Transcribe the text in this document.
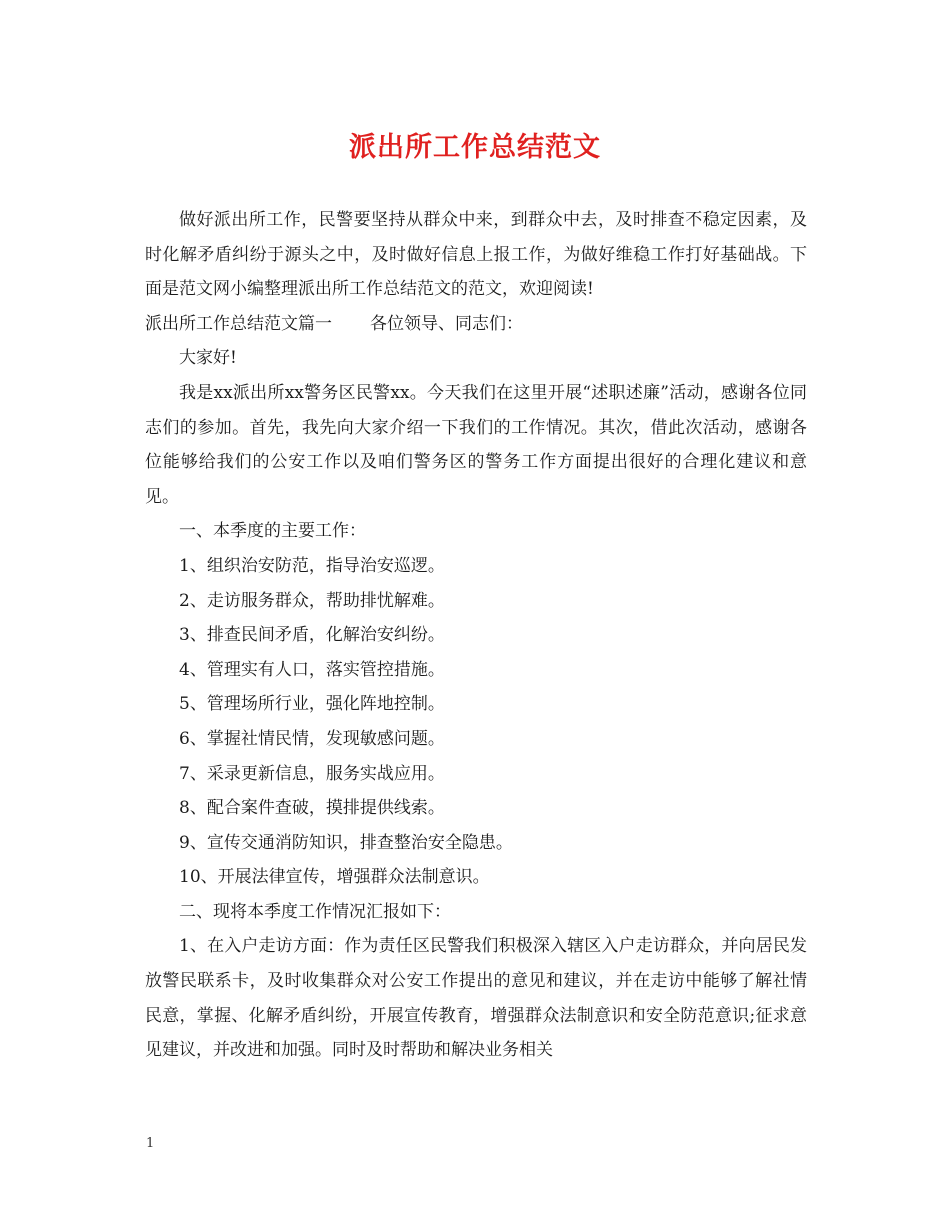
派出所工作总结范文

做好派出所工作，民警要坚持从群众中来，到群众中去，及时排查不稳定因素，及时化解矛盾纠纷于源头之中，及时做好信息上报工作，为做好维稳工作打好基础战。下面是范文网小编整理派出所工作总结范文的范文，欢迎阅读!

派出所工作总结范文篇一 各位领导、同志们：

大家好!

我是xx派出所xx警务区民警xx。今天我们在这里开展“述职述廉”活动，感谢各位同志们的参加。首先，我先向大家介绍一下我们的工作情况。其次，借此次活动，感谢各位能够给我们的公安工作以及咱们警务区的警务工作方面提出很好的合理化建议和意见。

一、本季度的主要工作：

1、组织治安防范，指导治安巡逻。

2、走访服务群众，帮助排忧解难。

3、排查民间矛盾，化解治安纠纷。

4、管理实有人口，落实管控措施。

5、管理场所行业，强化阵地控制。

6、掌握社情民情，发现敏感问题。

7、采录更新信息，服务实战应用。

8、配合案件查破，摸排提供线索。

9、宣传交通消防知识，排查整治安全隐患。

10、开展法律宣传，增强群众法制意识。

二、现将本季度工作情况汇报如下：

1、在入户走访方面：作为责任区民警我们积极深入辖区入户走访群众，并向居民发放警民联系卡，及时收集群众对公安工作提出的意见和建议，并在走访中能够了解社情民意，掌握、化解矛盾纠纷，开展宣传教育，增强群众法制意识和安全防范意识;征求意见建议，并改进和加强。同时及时帮助和解决业务相关

1
